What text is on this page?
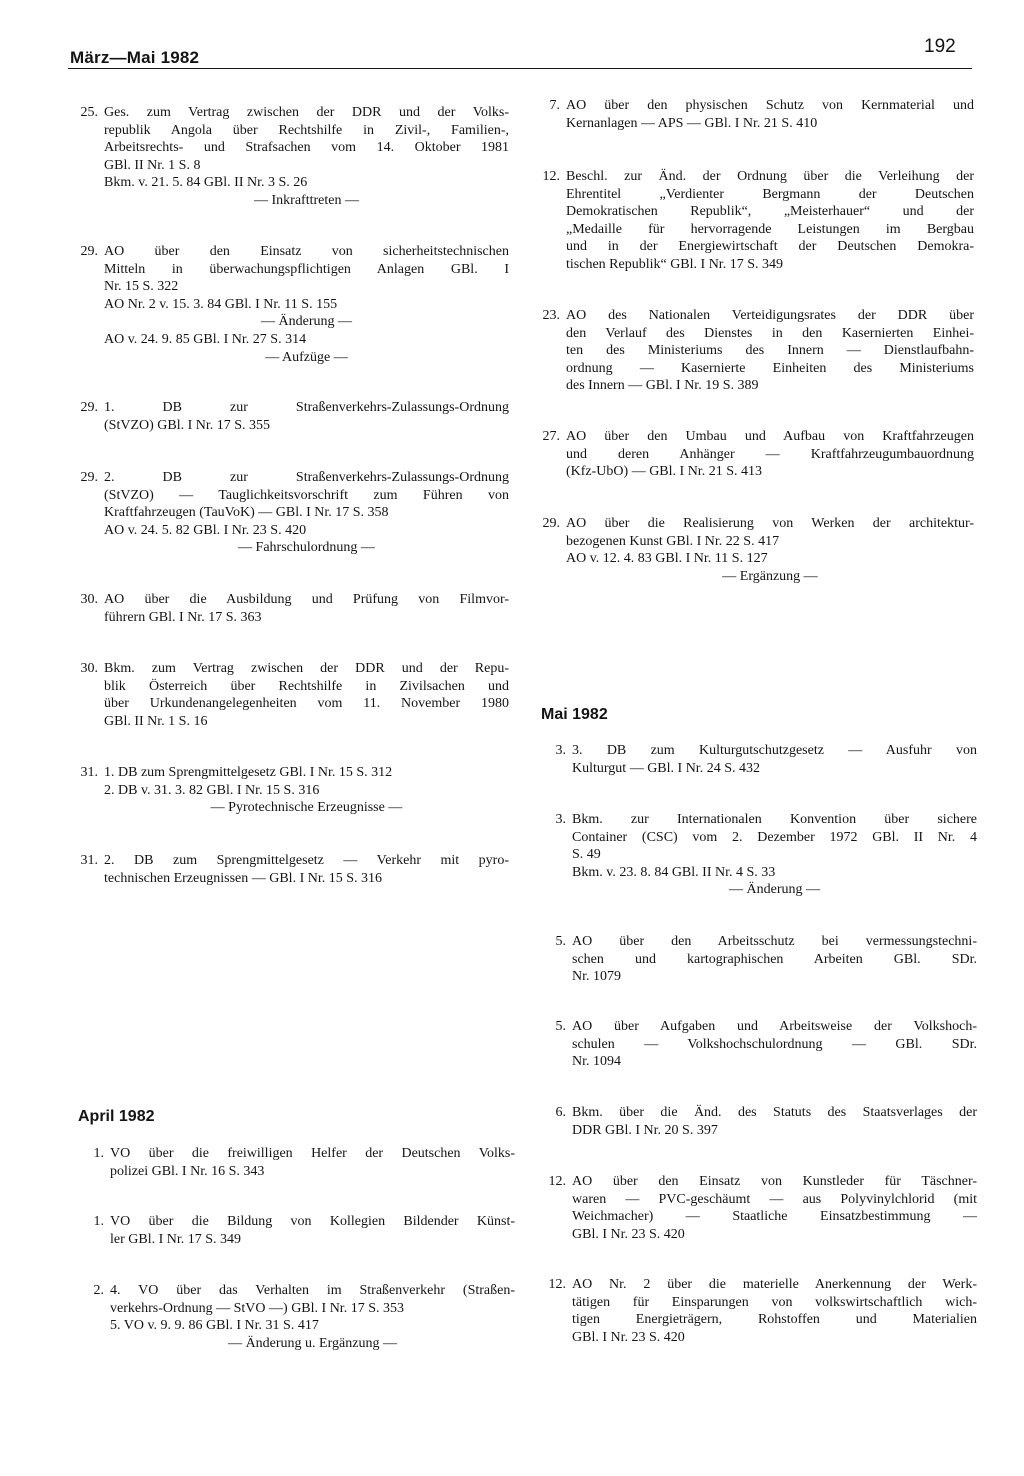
März—Mai 1982
192
25. Ges. zum Vertrag zwischen der DDR und der Volks-
republik Angola über Rechtshilfe in Zivil-, Familien-,
Arbeitsrechts- und Strafsachen vom 14. Oktober 1981
GBl. II Nr. 1 S. 8
Bkm. v. 21. 5. 84 GBl. II Nr. 3 S. 26
— Inkrafttreten —
29. AO über den Einsatz von sicherheitstechnischen
Mitteln in überwachungspflichtigen Anlagen GBl. I
Nr. 15 S. 322
AO Nr. 2 v. 15. 3. 84 GBl. I Nr. 11 S. 155
— Änderung —
AO v. 24. 9. 85 GBl. I Nr. 27 S. 314
— Aufzüge —
29. 1. DB zur Straßenverkehrs-Zulassungs-Ordnung
(StVZO) GBl. I Nr. 17 S. 355
29. 2. DB zur Straßenverkehrs-Zulassungs-Ordnung
(StVZO) — Tauglichkeitsvorschrift zum Führen von
Kraftfahrzeugen (TauVoK) — GBl. I Nr. 17 S. 358
AO v. 24. 5. 82 GBl. I Nr. 23 S. 420
— Fahrschulordnung —
30. AO über die Ausbildung und Prüfung von Filmvor-
führern GBl. I Nr. 17 S. 363
30. Bkm. zum Vertrag zwischen der DDR und der Repu-
blik Österreich über Rechtshilfe in Zivilsachen und
über Urkundenangelegenheiten vom 11. November 1980
GBl. II Nr. 1 S. 16
31. 1. DB zum Sprengmittelgesetz GBl. I Nr. 15 S. 312
2. DB v. 31. 3. 82 GBl. I Nr. 15 S. 316
— Pyrotechnische Erzeugnisse —
31. 2. DB zum Sprengmittelgesetz — Verkehr mit pyro-
technischen Erzeugnissen — GBl. I Nr. 15 S. 316
April 1982
1. VO über die freiwilligen Helfer der Deutschen Volks-
polizei GBl. I Nr. 16 S. 343
1. VO über die Bildung von Kollegien Bildender Künst-
ler GBl. I Nr. 17 S. 349
2. 4. VO über das Verhalten im Straßenverkehr (Straßen-
verkehrs-Ordnung — StVO —) GBl. I Nr. 17 S. 353
5. VO v. 9. 9. 86 GBl. I Nr. 31 S. 417
— Änderung u. Ergänzung —
7. AO über den physischen Schutz von Kernmaterial und
Kernanlagen — APS — GBl. I Nr. 21 S. 410
12. Beschl. zur Änd. der Ordnung über die Verleihung der
Ehrentitel „Verdienter Bergmann der Deutschen
Demokratischen Republik“, „Meisterhauer“ und der
„Medaille für hervorragende Leistungen im Bergbau
und in der Energiewirtschaft der Deutschen Demokra-
tischen Republik“ GBl. I Nr. 17 S. 349
23. AO des Nationalen Verteidigungsrates der DDR über
den Verlauf des Dienstes in den Kasernierten Einhei-
ten des Ministeriums des Innern — Dienstlaufbahn-
ordnung — Kasernierte Einheiten des Ministeriums
des Innern — GBl. I Nr. 19 S. 389
27. AO über den Umbau und Aufbau von Kraftfahrzeugen
und deren Anhänger — Kraftfahrzeugumbauordnung
(Kfz-UbO) — GBl. I Nr. 21 S. 413
29. AO über die Realisierung von Werken der architektur-
bezogenen Kunst GBl. I Nr. 22 S. 417
AO v. 12. 4. 83 GBl. I Nr. 11 S. 127
— Ergänzung —
Mai 1982
3. 3. DB zum Kulturgutschutzgesetz — Ausfuhr von
Kulturgut — GBl. I Nr. 24 S. 432
3. Bkm. zur Internationalen Konvention über sichere
Container (CSC) vom 2. Dezember 1972 GBl. II Nr. 4
S. 49
Bkm. v. 23. 8. 84 GBl. II Nr. 4 S. 33
— Änderung —
5. AO über den Arbeitsschutz bei vermessungstechni-
schen und kartographischen Arbeiten GBl. SDr.
Nr. 1079
5. AO über Aufgaben und Arbeitsweise der Volkshoch-
schulen — Volkshochschulordnung — GBl. SDr.
Nr. 1094
6. Bkm. über die Änd. des Statuts des Staatsverlages der
DDR GBl. I Nr. 20 S. 397
12. AO über den Einsatz von Kunstleder für Täschner-
waren — PVC-geschäumt — aus Polyvinylchlorid (mit
Weichmacher) — Staatliche Einsatzbestimmung —
GBl. I Nr. 23 S. 420
12. AO Nr. 2 über die materielle Anerkennung der Werk-
tätigen für Einsparungen von volkswirtschaftlich wich-
tigen Energieträgern, Rohstoffen und Materialien
GBl. I Nr. 23 S. 420
